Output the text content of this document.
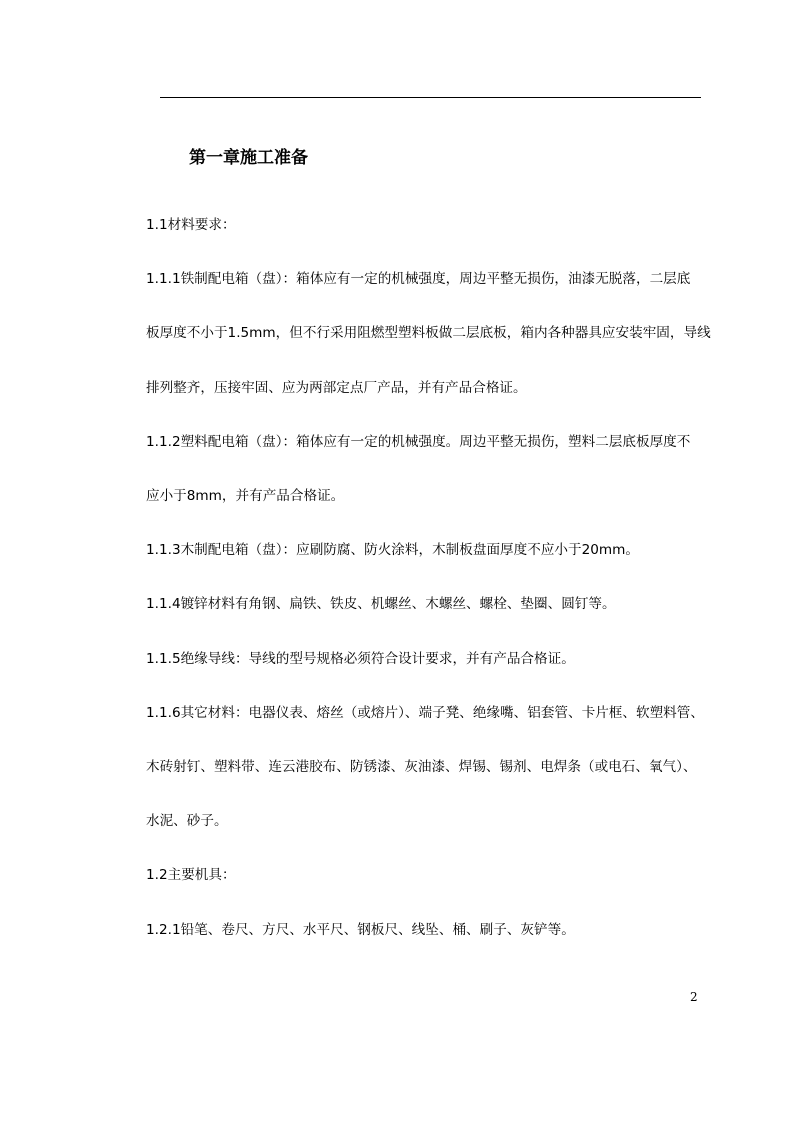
第一章施工准备

1.1材料要求：

1.1.1铁制配电箱（盘）：箱体应有一定的机械强度，周边平整无损伤，油漆无脱落，二层底

板厚度不小于1.5mm，但不行采用阻燃型塑料板做二层底板，箱内各种器具应安装牢固，导线

排列整齐，压接牢固、应为两部定点厂产品，并有产品合格证。

1.1.2塑料配电箱（盘）：箱体应有一定的机械强度。周边平整无损伤，塑料二层底板厚度不

应小于8mm，并有产品合格证。

1.1.3木制配电箱（盘）：应刷防腐、防火涂料，木制板盘面厚度不应小于20mm。

1.1.4镀锌材料有角钢、扁铁、铁皮、机螺丝、木螺丝、螺栓、垫圈、圆钉等。

1.1.5绝缘导线：导线的型号规格必须符合设计要求，并有产品合格证。

1.1.6其它材料：电器仪表、熔丝（或熔片）、端子凳、绝缘嘴、铝套管、卡片框、软塑料管、

木砖射钉、塑料带、连云港胶布、防锈漆、灰油漆、焊锡、锡剂、电焊条（或电石、氧气）、

水泥、砂子。

1.2主要机具：

1.2.1铅笔、卷尺、方尺、水平尺、钢板尺、线坠、桶、刷子、灰铲等。

2
